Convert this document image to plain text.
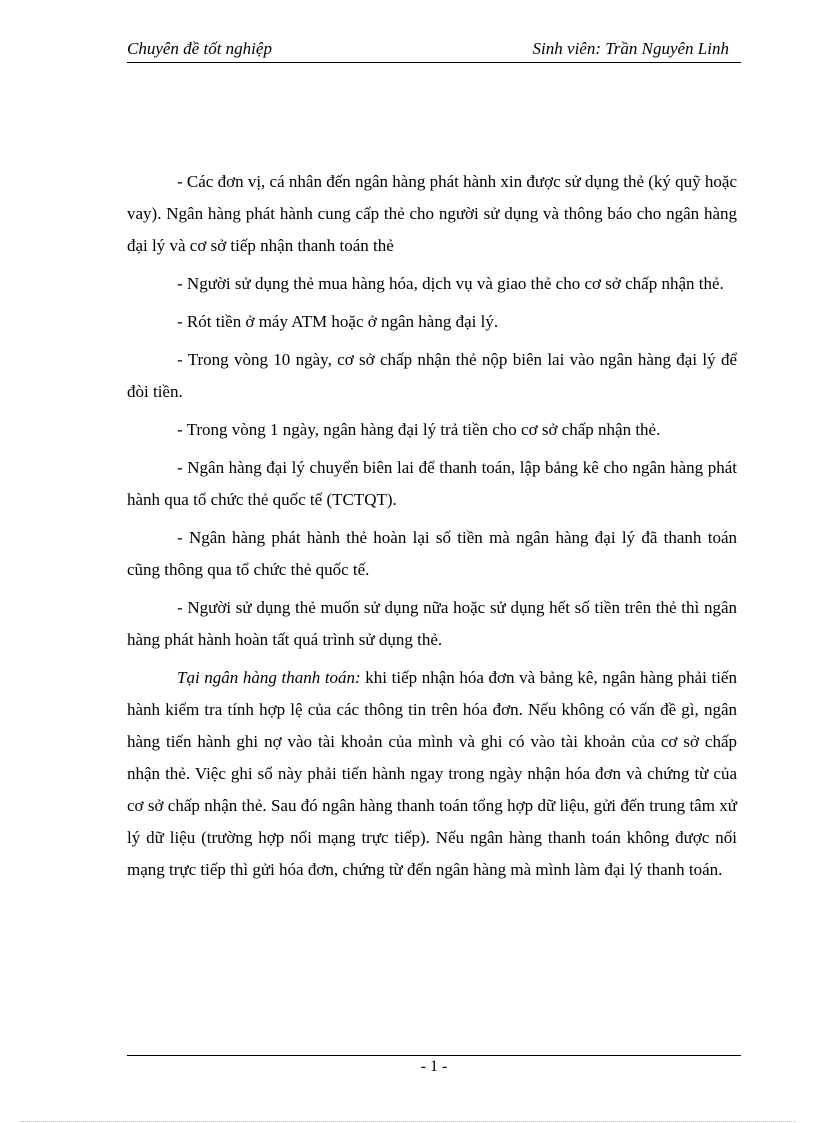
Chuyên đề tốt nghiệp	Sinh viên: Trần Nguyên Linh

- Các đơn vị, cá nhân đến ngân hàng phát hành xin được sử dụng thẻ (ký quỹ hoặc vay). Ngân hàng phát hành cung cấp thẻ cho người sử dụng và thông báo cho ngân hàng đại lý và cơ sở tiếp nhận thanh toán thẻ

- Người sử dụng thẻ mua hàng hóa, dịch vụ và giao thẻ cho cơ sở chấp nhận thẻ.

- Rót tiền ở máy ATM hoặc ở ngân hàng đại lý.

- Trong vòng 10 ngày, cơ sở chấp nhận thẻ nộp biên lai vào ngân hàng đại lý để đòi tiền.

- Trong vòng 1 ngày, ngân hàng đại lý trả tiền cho cơ sở chấp nhận thẻ.

- Ngân hàng đại lý chuyển biên lai để thanh toán, lập bảng kê cho ngân hàng phát hành qua tổ chức thẻ quốc tế (TCTQT).

- Ngân hàng phát hành thẻ hoàn lại số tiền mà ngân hàng đại lý đã thanh toán cũng thông qua tổ chức thẻ quốc tế.

- Người sử dụng thẻ muốn sử dụng nữa hoặc sử dụng hết số tiền trên thẻ thì ngân hàng phát hành hoàn tất quá trình sử dụng thẻ.

Tại ngân hàng thanh toán: khi tiếp nhận hóa đơn và bảng kê, ngân hàng phải tiến hành kiểm tra tính hợp lệ của các thông tin trên hóa đơn. Nếu không có vấn đề gì, ngân hàng tiến hành ghi nợ vào tài khoản của mình và ghi có vào tài khoản của cơ sở chấp nhận thẻ. Việc ghi sổ này phải tiến hành ngay trong ngày nhận hóa đơn và chứng từ của cơ sở chấp nhận thẻ. Sau đó ngân hàng thanh toán tổng hợp dữ liệu, gửi đến trung tâm xử lý dữ liệu (trường hợp nối mạng trực tiếp). Nếu ngân hàng thanh toán không được nối mạng trực tiếp thì gửi hóa đơn, chứng từ đến ngân hàng mà mình làm đại lý thanh toán.

- 1 -
